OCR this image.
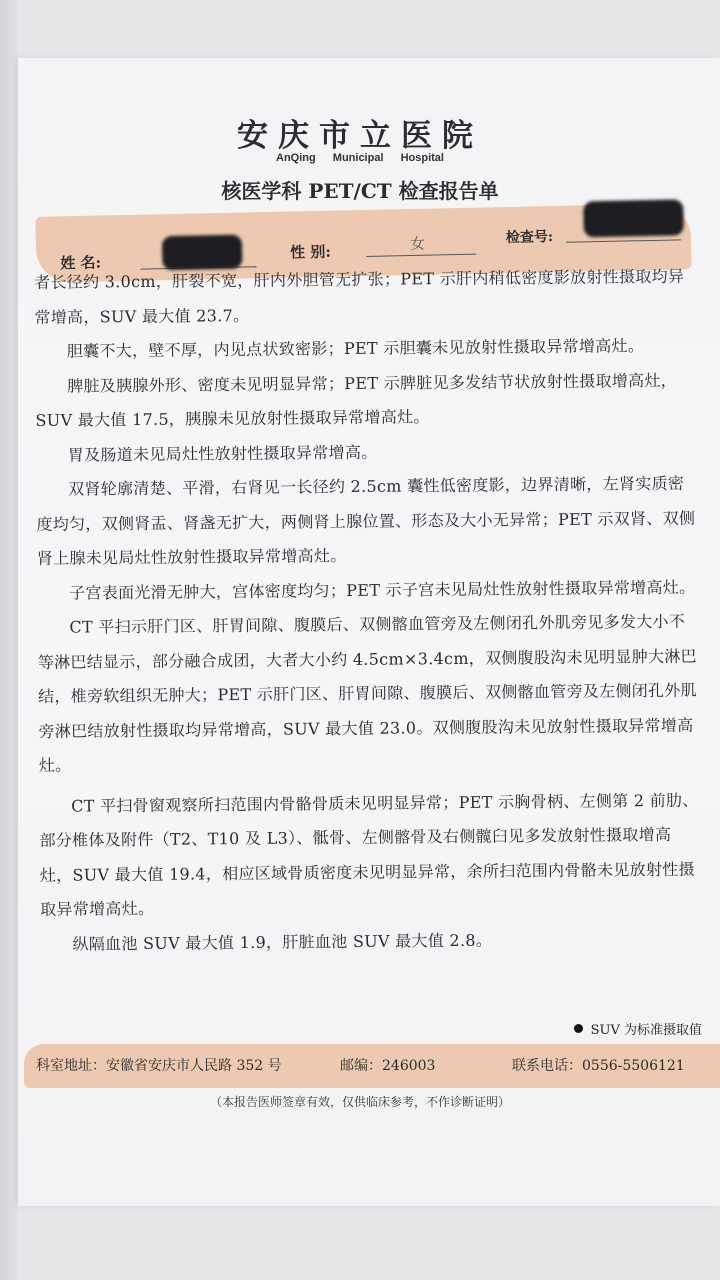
安庆市立医院
AnQing Municipal Hospital
核医学科 PET/CT 检查报告单
姓 名:
性 别:	女	检查号:

者长径约 3.0cm，肝裂不宽，肝内外胆管无扩张；PET 示肝内稍低密度影放射性摄取均异常增高，SUV 最大值 23.7。

胆囊不大，壁不厚，内见点状致密影；PET 示胆囊未见放射性摄取异常增高灶。

脾脏及胰腺外形、密度未见明显异常；PET 示脾脏见多发结节状放射性摄取增高灶，SUV 最大值 17.5，胰腺未见放射性摄取异常增高灶。

胃及肠道未见局灶性放射性摄取异常增高。

双肾轮廓清楚、平滑，右肾见一长径约 2.5cm 囊性低密度影，边界清晰，左肾实质密度均匀，双侧肾盂、肾盏无扩大，两侧肾上腺位置、形态及大小无异常；PET 示双肾、双侧肾上腺未见局灶性放射性摄取异常增高灶。

子宫表面光滑无肿大，宫体密度均匀；PET 示子宫未见局灶性放射性摄取异常增高灶。

CT 平扫示肝门区、肝胃间隙、腹膜后、双侧髂血管旁及左侧闭孔外肌旁见多发大小不等淋巴结显示，部分融合成团，大者大小约 4.5cm×3.4cm，双侧腹股沟未见明显肿大淋巴结，椎旁软组织无肿大；PET 示肝门区、肝胃间隙、腹膜后、双侧髂血管旁及左侧闭孔外肌旁淋巴结放射性摄取均异常增高，SUV 最大值 23.0。双侧腹股沟未见放射性摄取异常增高灶。

CT 平扫骨窗观察所扫范围内骨骼骨质未见明显异常；PET 示胸骨柄、左侧第 2 前肋、部分椎体及附件（T2、T10 及 L3）、骶骨、左侧髂骨及右侧髋臼见多发放射性摄取增高灶，SUV 最大值 19.4，相应区域骨质密度未见明显异常，余所扫范围内骨骼未见放射性摄取异常增高灶。

纵隔血池 SUV 最大值 1.9，肝脏血池 SUV 最大值 2.8。

SUV 为标准摄取值
科室地址：安徽省安庆市人民路 352 号	邮编：246003	联系电话：0556-5506121
（本报告医师签章有效，仅供临床参考，不作诊断证明）
